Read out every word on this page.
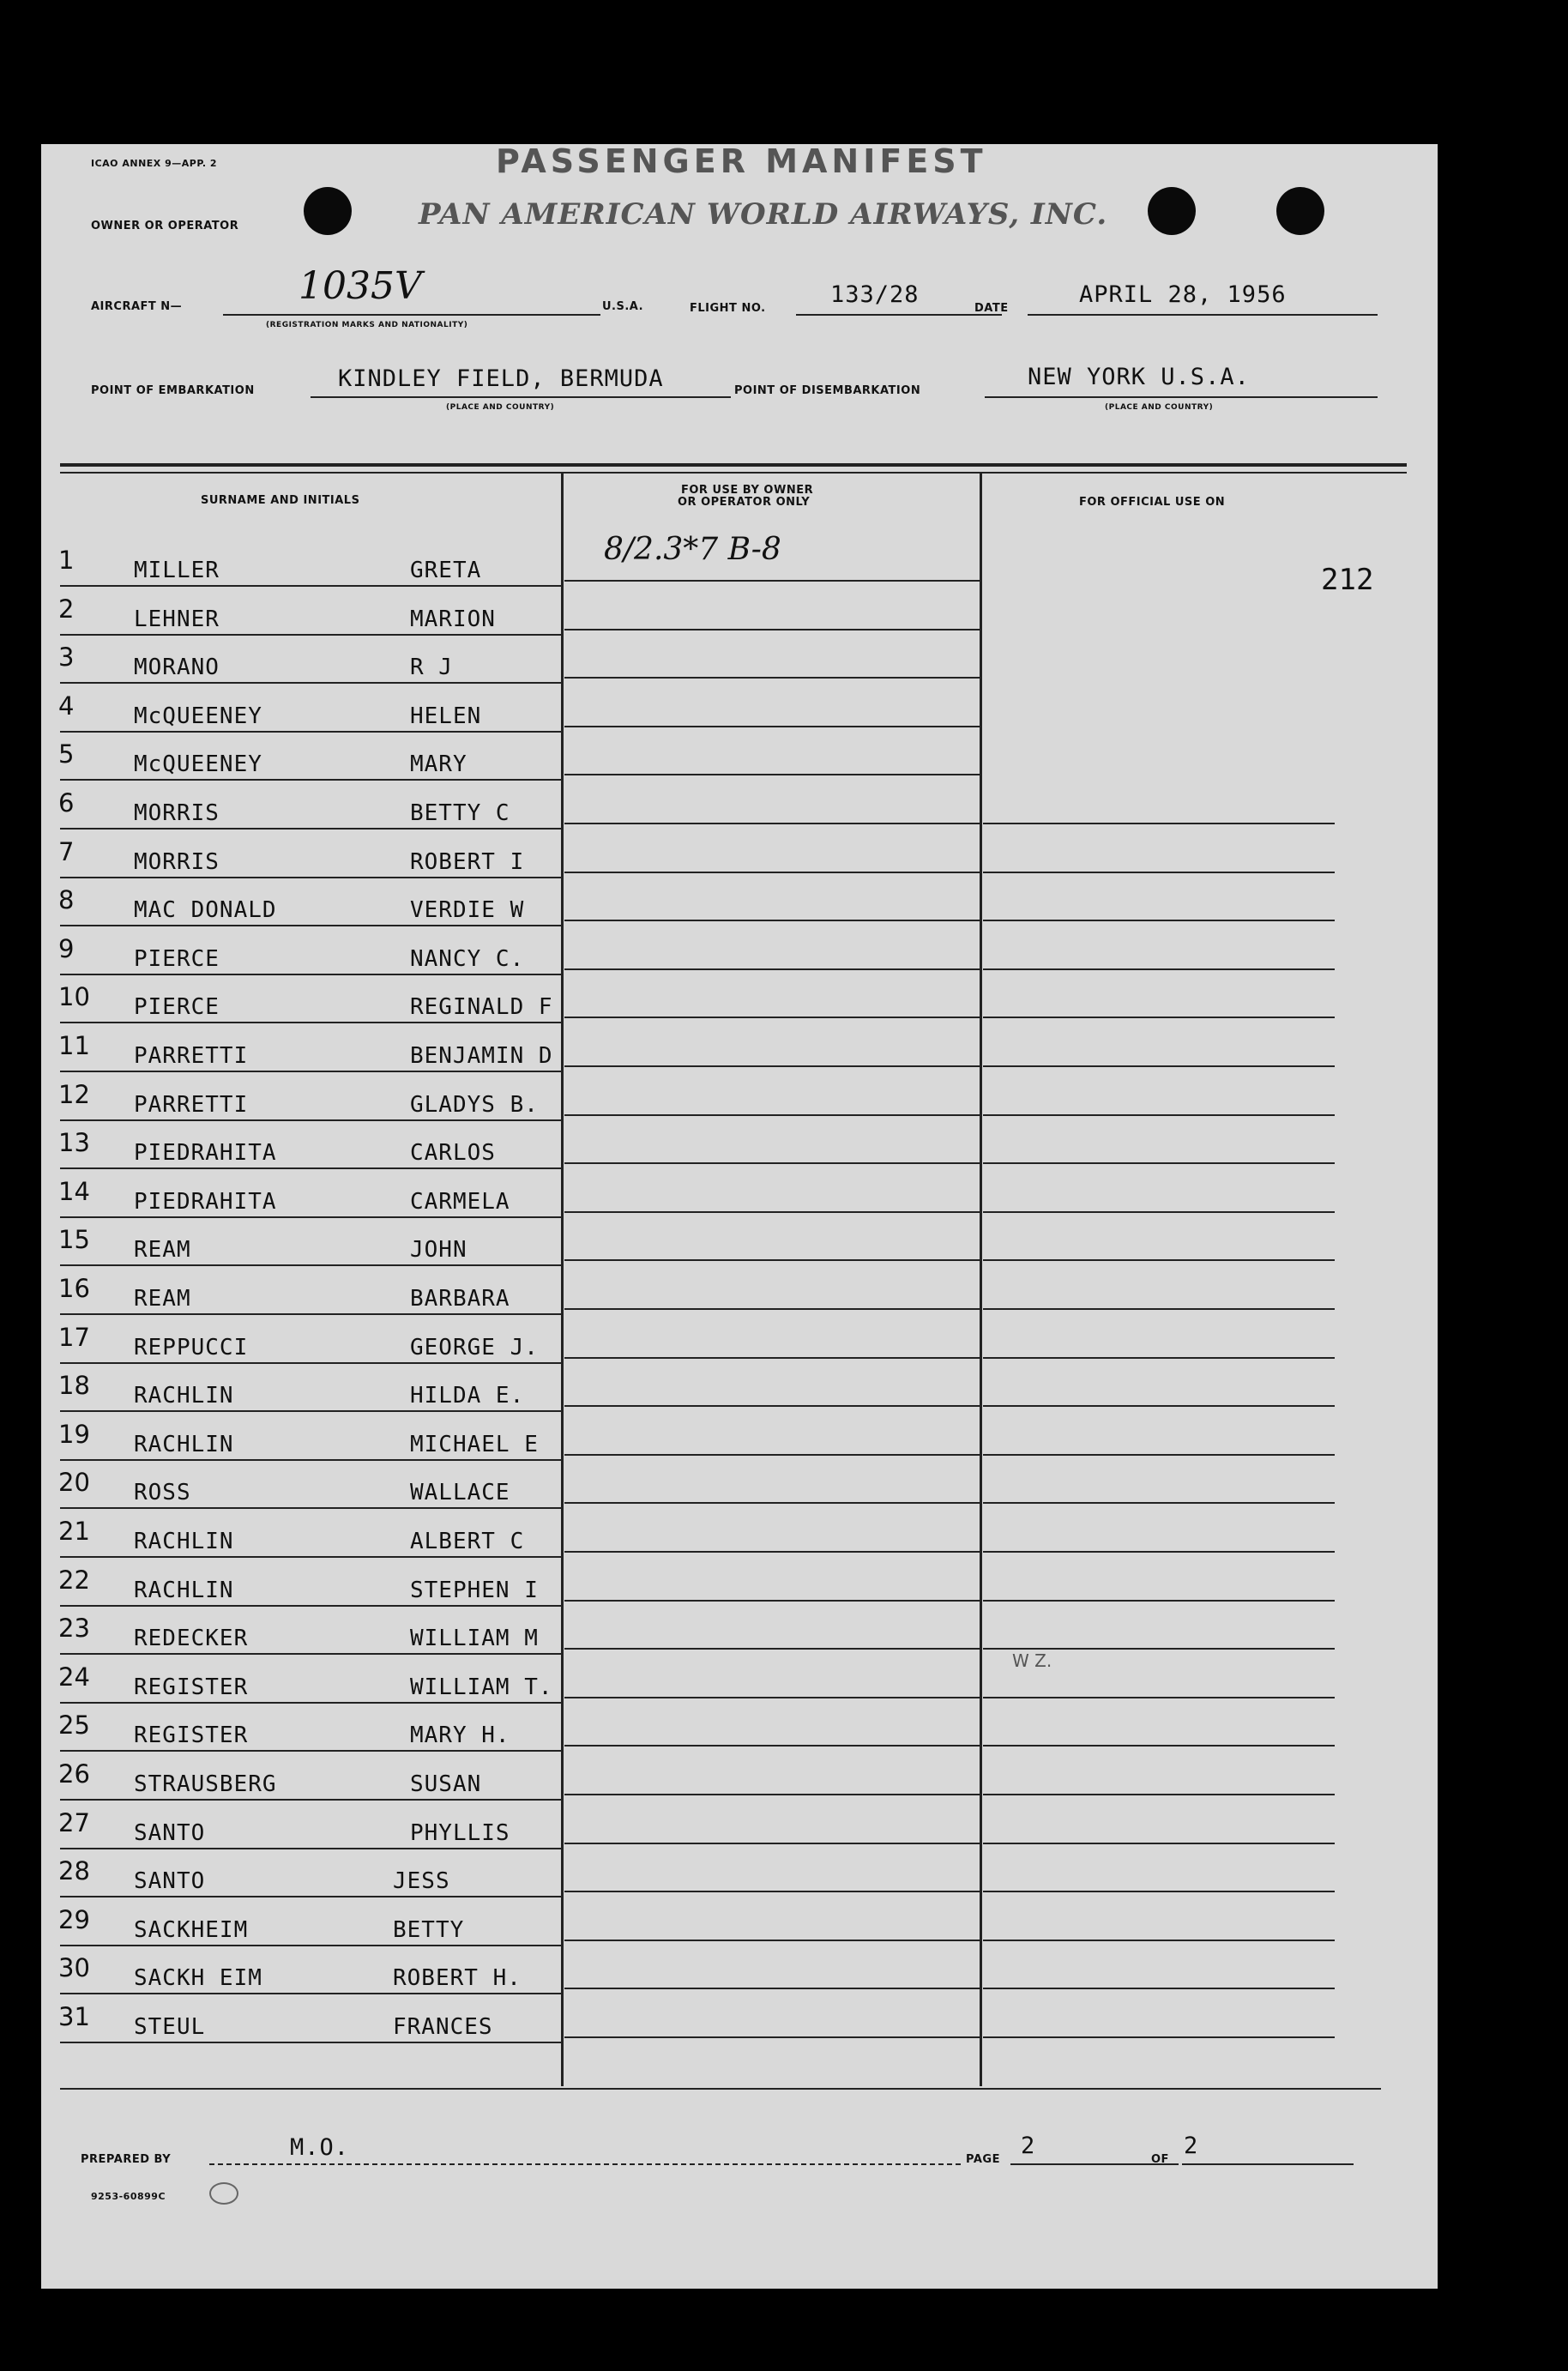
ICAO ANNEX 9—APP. 2	PASSENGER MANIFEST
OWNER OR OPERATOR	PAN AMERICAN WORLD AIRWAYS, INC.
AIRCRAFT N—	1035V
(REGISTRATION MARKS AND NATIONALITY)
U.S.A.	FLIGHT NO.
133/28
DATE
APRIL 28, 1956
POINT OF EMBARKATION	KINDLEY FIELD, BERMUDA
(PLACE AND COUNTRY)
POINT OF DISEMBARKATION
NEW YORK U.S.A.
(PLACE AND COUNTRY)
SURNAME AND INITIALS
FOR USE BY OWNER
OR OPERATOR ONLY	FOR OFFICIAL USE ON
8/2.3*7 B-8
212
W Z.
1	MILLER	GRETA
2	LEHNER	MARION
3	MORANO	R J
4	McQUEENEY	HELEN
5	McQUEENEY	MARY
6	MORRIS	BETTY C
7	MORRIS	ROBERT I
8	MAC DONALD	VERDIE W
9	PIERCE	NANCY C.
10 PIERCE	REGINALD F
11 PARRETTI	BENJAMIN D
12 PARRETTI	GLADYS B.
13 PIEDRAHITA	CARLOS
14 PIEDRAHITA	CARMELA
15 REAM	JOHN
16 REAM	BARBARA
17 REPPUCCI	GEORGE J.
18 RACHLIN	HILDA E.
19 RACHLIN	MICHAEL E
20 ROSS	WALLACE
21 RACHLIN	ALBERT C
22 RACHLIN	STEPHEN I
23 REDECKER	WILLIAM M
24 REGISTER	WILLIAM T.
25 REGISTER	MARY H.
26 STRAUSBERG	SUSAN
27 SANTO	PHYLLIS
28 SANTO	JESS
29 SACKHEIM	BETTY
30 SACKH EIM	ROBERT H.
31 STEUL	FRANCES
PREPARED BY	M.O.	PAGE
2
OF
2
9253-60899C
